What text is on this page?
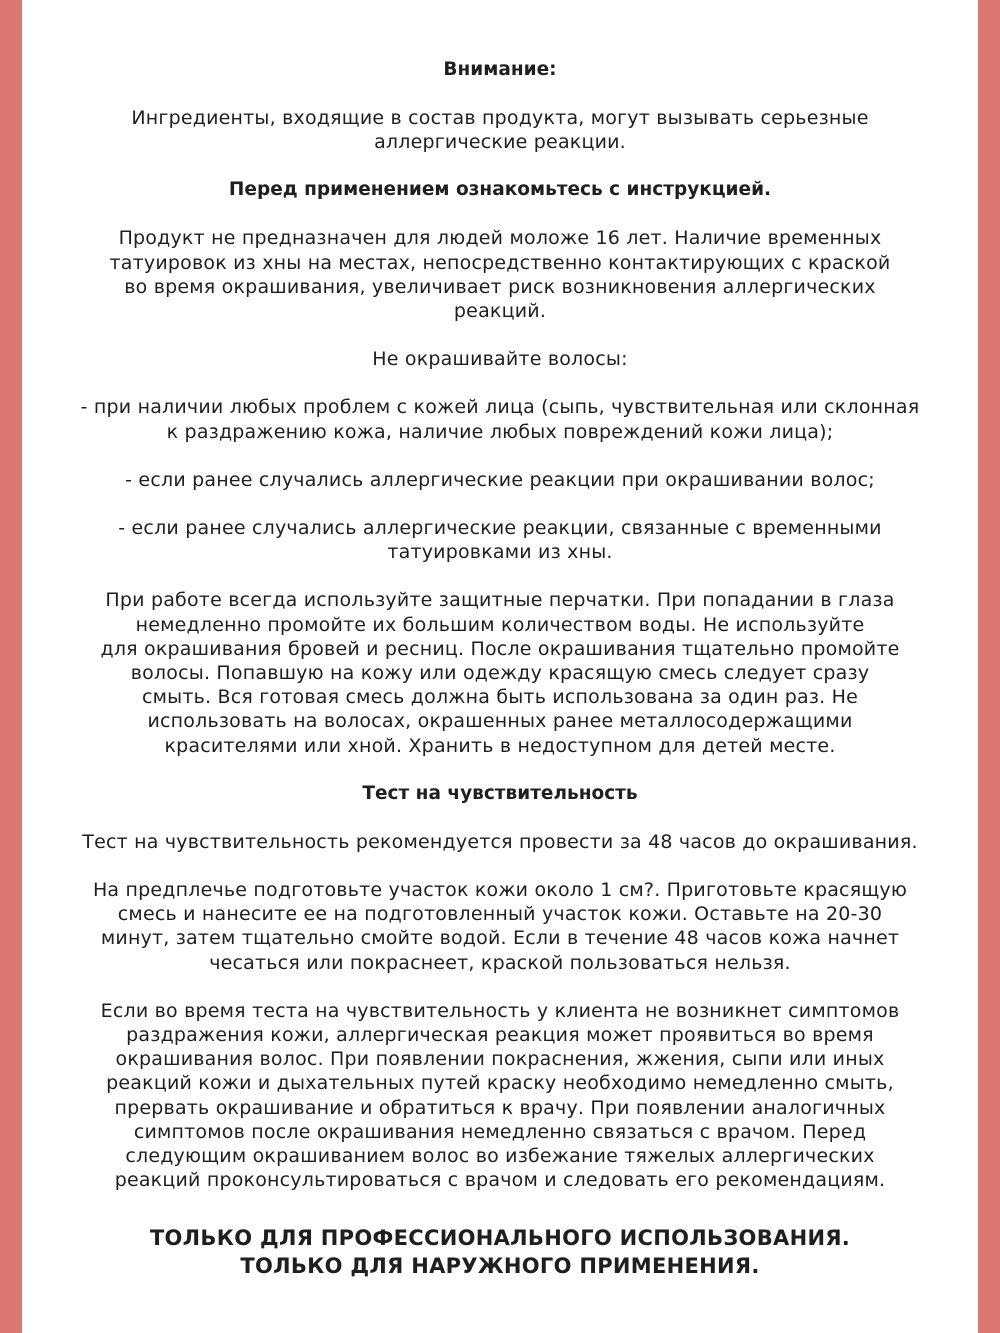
Внимание:
Ингредиенты, входящие в состав продукта, могут вызывать серьезные
аллергические реакции.
Перед применением ознакомьтесь с инструкцией.
Продукт не предназначен для людей моложе 16 лет. Наличие временных
татуировок из хны на местах, непосредственно контактирующих с краской
во время окрашивания, увеличивает риск возникновения аллергических
реакций.
Не окрашивайте волосы:
- при наличии любых проблем с кожей лица (сыпь, чувствительная или склонная
к раздражению кожа, наличие любых повреждений кожи лица);
- если ранее случались аллергические реакции при окрашивании волос;
- если ранее случались аллергические реакции, связанные с временными
татуировками из хны.
При работе всегда используйте защитные перчатки. При попадании в глаза
немедленно промойте их большим количеством воды. Не используйте
для окрашивания бровей и ресниц. После окрашивания тщательно промойте
волосы. Попавшую на кожу или одежду красящую смесь следует сразу
смыть. Вся готовая смесь должна быть использована за один раз. Не
использовать на волосах, окрашенных ранее металлосодержащими
красителями или хной. Хранить в недоступном для детей месте.
Тест на чувствительность
Тест на чувствительность рекомендуется провести за 48 часов до окрашивания.
На предплечье подготовьте участок кожи около 1 см?. Приготовьте красящую
смесь и нанесите ее на подготовленный участок кожи. Оставьте на 20-30
минут, затем тщательно смойте водой. Если в течение 48 часов кожа начнет
чесаться или покраснеет, краской пользоваться нельзя.
Если во время теста на чувствительность у клиента не возникнет симптомов
раздражения кожи, аллергическая реакция может проявиться во время
окрашивания волос. При появлении покраснения, жжения, сыпи или иных
реакций кожи и дыхательных путей краску необходимо немедленно смыть,
прервать окрашивание и обратиться к врачу. При появлении аналогичных
симптомов после окрашивания немедленно связаться с врачом. Перед
следующим окрашиванием волос во избежание тяжелых аллергических
реакций проконсультироваться с врачом и следовать его рекомендациям.
ТОЛЬКО ДЛЯ ПРОФЕССИОНАЛЬНОГО ИСПОЛЬЗОВАНИЯ.
ТОЛЬКО ДЛЯ НАРУЖНОГО ПРИМЕНЕНИЯ.
